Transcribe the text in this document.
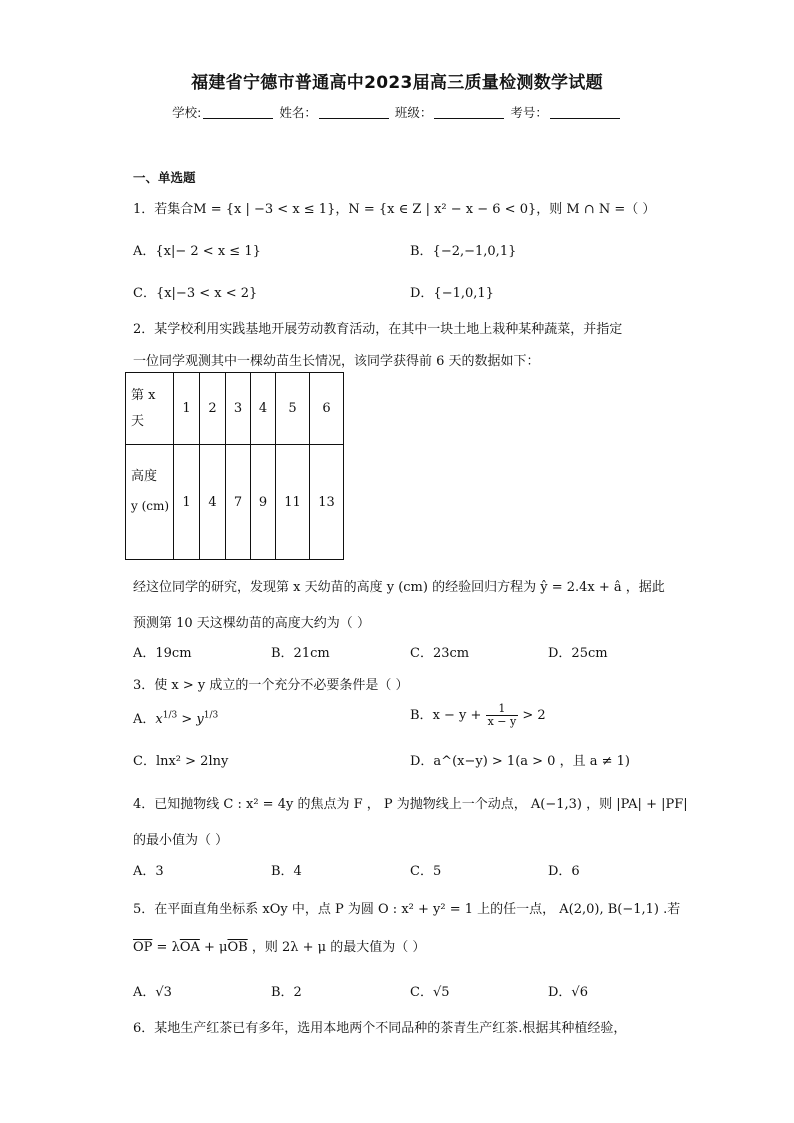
福建省宁德市普通高中2023届高三质量检测数学试题
学校:	姓名：	班级：	考号：
一、单选题
1．若集合M = {x | −3 < x ≤ 1}，N = {x ∈ Z | x² − x − 6 < 0}，则 M ∩ N =（ ）
A．{x|− 2 < x ≤ 1}	B．{−2,−1,0,1}
C．{x|−3 < x < 2}	D．{−1,0,1}
2．某学校利用实践基地开展劳动教育活动，在其中一块土地上栽种某种蔬菜，并指定
一位同学观测其中一棵幼苗生长情况，该同学获得前 6 天的数据如下：
第 x
天	1	2	3	4	5	6

高度
y (cm)	1	4	7	9	11	13
经这位同学的研究，发现第 x 天幼苗的高度 y (cm) 的经验回归方程为 ŷ = 2.4x + â ，据此
预测第 10 天这棵幼苗的高度大约为（ ）
A．19cm	B．21cm	C．23cm	D．25cm
3．使 x > y 成立的一个充分不必要条件是（ ）
A．$x^{1/3} > y^{1/3}$	B．$x - y + \frac{1}{x - y} > 2$
C．lnx² > 2lny	D．a^(x−y) > 1(a > 0 ，且 a ≠ 1)
4．已知抛物线 C : x² = 4y 的焦点为 F ， P 为抛物线上一个动点， A(−1,3) ，则 |PA| + |PF|
的最小值为（ ）
A．3	B．4	C．5	D．6
5．在平面直角坐标系 xOy 中，点 P 为圆 O : x² + y² = 1 上的任一点， A(2,0), B(−1,1) .若
$\overline{OP} = \lambda\overline{OA} + \mu\overline{OB}$ ，则 2λ + μ 的最大值为（ ）
A．√3	B．2	C．√5	D．√6
6．某地生产红茶已有多年，选用本地两个不同品种的茶青生产红茶.根据其种植经验，
